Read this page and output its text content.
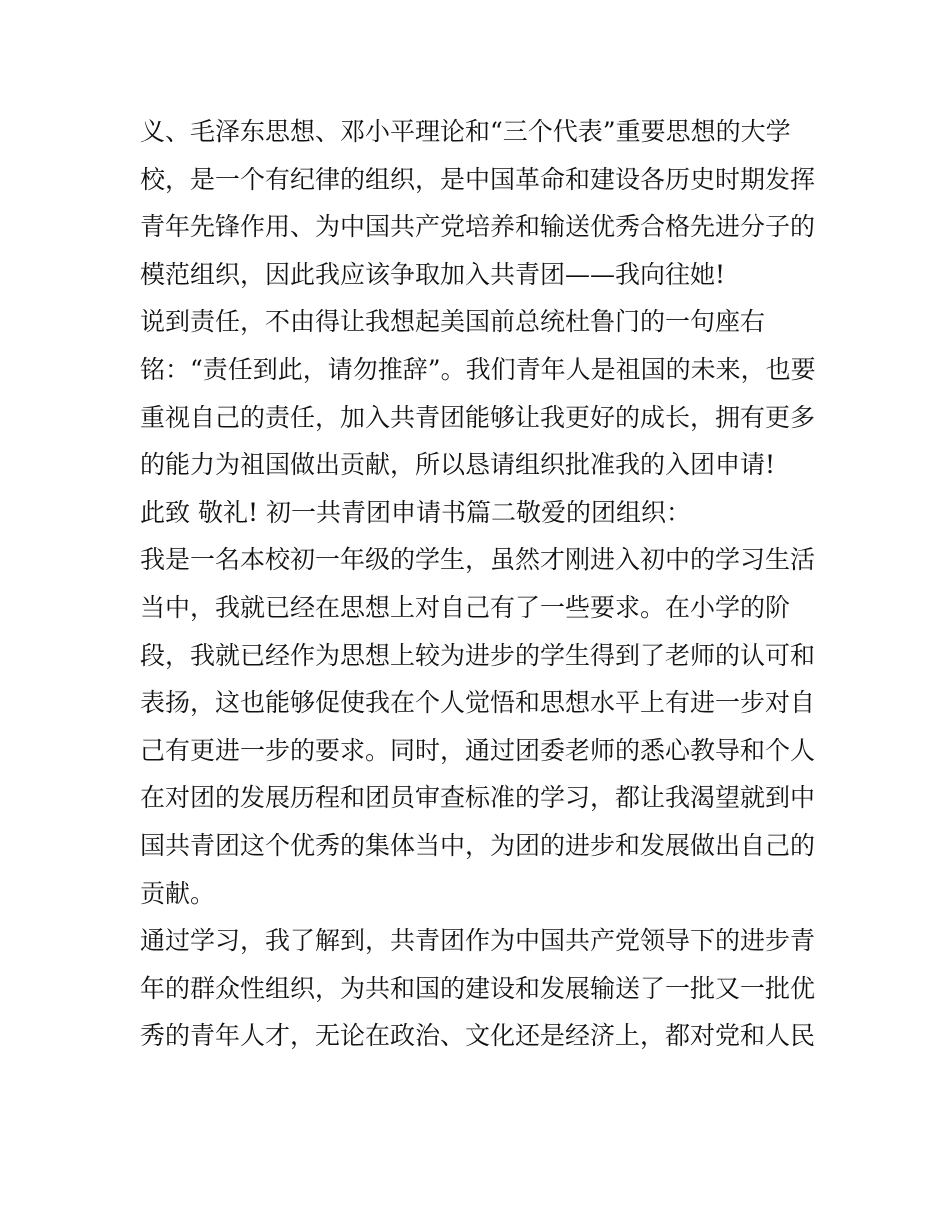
义、毛泽东思想、邓小平理论和“三个代表”重要思想的大学
校，是一个有纪律的组织，是中国革命和建设各历史时期发挥
青年先锋作用、为中国共产党培养和输送优秀合格先进分子的
模范组织，因此我应该争取加入共青团——我向往她!
说到责任，不由得让我想起美国前总统杜鲁门的一句座右
铭：“责任到此，请勿推辞”。我们青年人是祖国的未来，也要
重视自己的责任，加入共青团能够让我更好的成长，拥有更多
的能力为祖国做出贡献，所以恳请组织批准我的入团申请!
此致 敬礼! 初一共青团申请书篇二敬爱的团组织：
我是一名本校初一年级的学生，虽然才刚进入初中的学习生活
当中，我就已经在思想上对自己有了一些要求。在小学的阶
段，我就已经作为思想上较为进步的学生得到了老师的认可和
表扬，这也能够促使我在个人觉悟和思想水平上有进一步对自
己有更进一步的要求。同时，通过团委老师的悉心教导和个人
在对团的发展历程和团员审查标准的学习，都让我渴望就到中
国共青团这个优秀的集体当中，为团的进步和发展做出自己的
贡献。
通过学习，我了解到，共青团作为中国共产党领导下的进步青
年的群众性组织，为共和国的建设和发展输送了一批又一批优
秀的青年人才，无论在政治、文化还是经济上，都对党和人民
